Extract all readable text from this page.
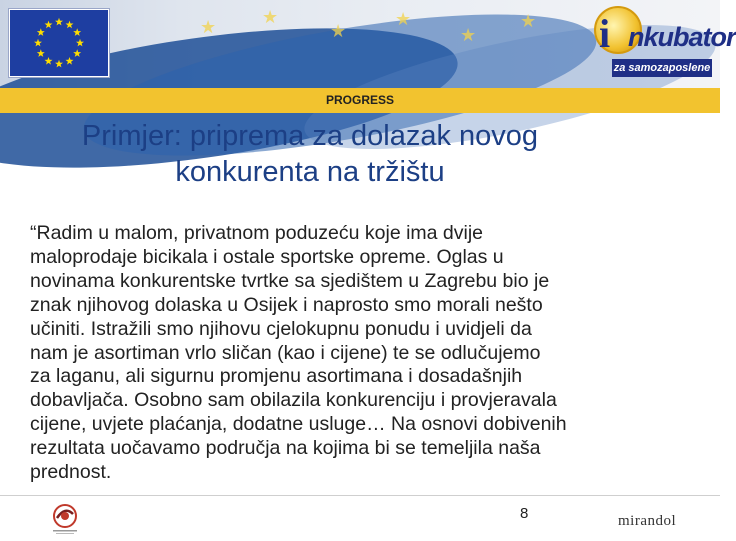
★	★
★
★
★
★ i nkubator
za samozaposlene
PROGRESS
Primjer: priprema za dolazak novog
konkurenta na tržištu
“Radim u malom, privatnom poduzeću koje ima dvije
maloprodaje bicikala i ostale sportske opreme. Oglas u
novinama konkurentske tvrtke sa sjedištem u Zagrebu bio je
znak njihovog dolaska u Osijek i naprosto smo morali nešto
učiniti. Istražili smo njihovu cjelokupnu ponudu i uvidjeli da
nam je asortiman vrlo sličan (kao i cijene) te se odlučujemo
za laganu, ali sigurnu promjenu asortimana i dosadašnjih
dobavljača. Osobno sam obilazila konkurenciju i provjeravala
cijene, uvjete plaćanja, dodatne usluge… Na osnovi dobivenih
rezultata uočavamo područja na kojima bi se temeljila naša
prednost.
8	mirandol
